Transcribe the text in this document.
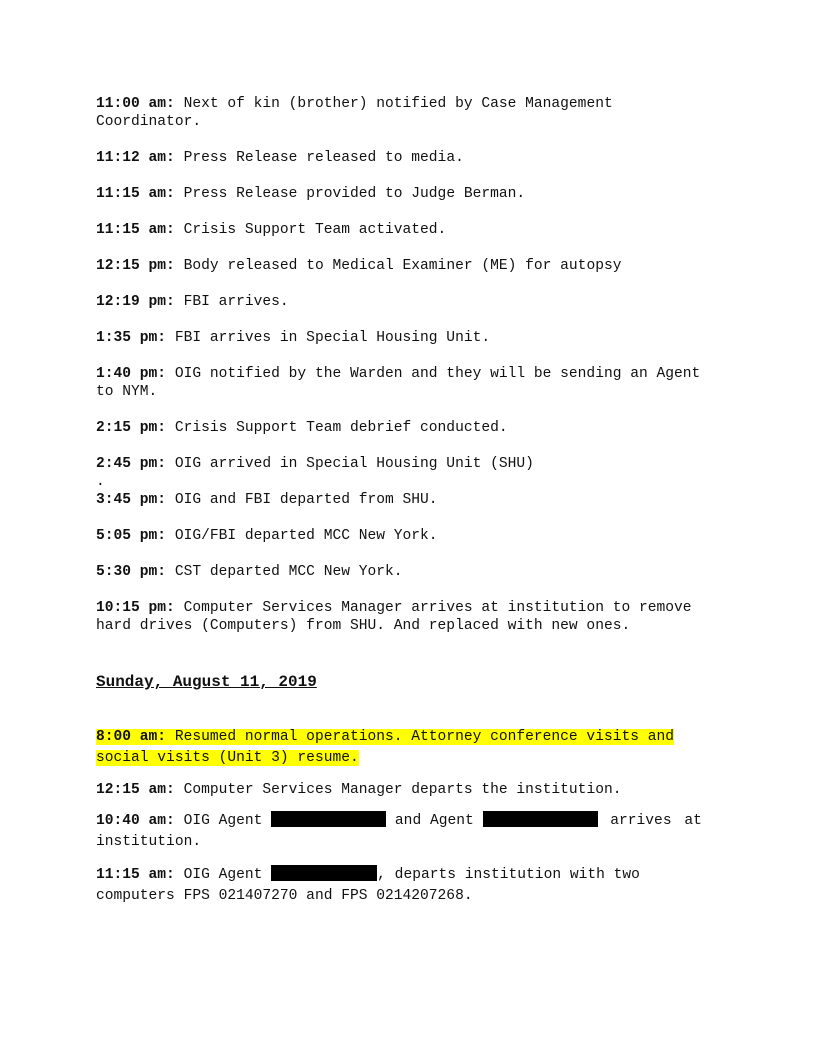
11:00 am: Next of kin (brother) notified by Case Management Coordinator.

11:12 am: Press Release released to media.

11:15 am: Press Release provided to Judge Berman.

11:15 am: Crisis Support Team activated.

12:15 pm: Body released to Medical Examiner (ME) for autopsy

12:19 pm: FBI arrives.

1:35 pm: FBI arrives in Special Housing Unit.

1:40 pm: OIG notified by the Warden and they will be sending an Agent to NYM.

2:15 pm: Crisis Support Team debrief conducted.

2:45 pm: OIG arrived in Special Housing Unit (SHU)

.

3:45 pm: OIG and FBI departed from SHU.

5:05 pm: OIG/FBI departed MCC New York.

5:30 pm: CST departed MCC New York.

10:15 pm: Computer Services Manager arrives at institution to remove hard drives (Computers) from SHU. And replaced with new ones.

Sunday, August 11, 2019

8:00 am: Resumed normal operations. Attorney conference visits and social visits (Unit 3) resume.

12:15 am: Computer Services Manager departs the institution.

10:40 am: OIG Agent	and Agent	arrives at institution.

11:15 am: OIG Agent	, departs institution with two computers FPS 021407270 and FPS 0214207268.
